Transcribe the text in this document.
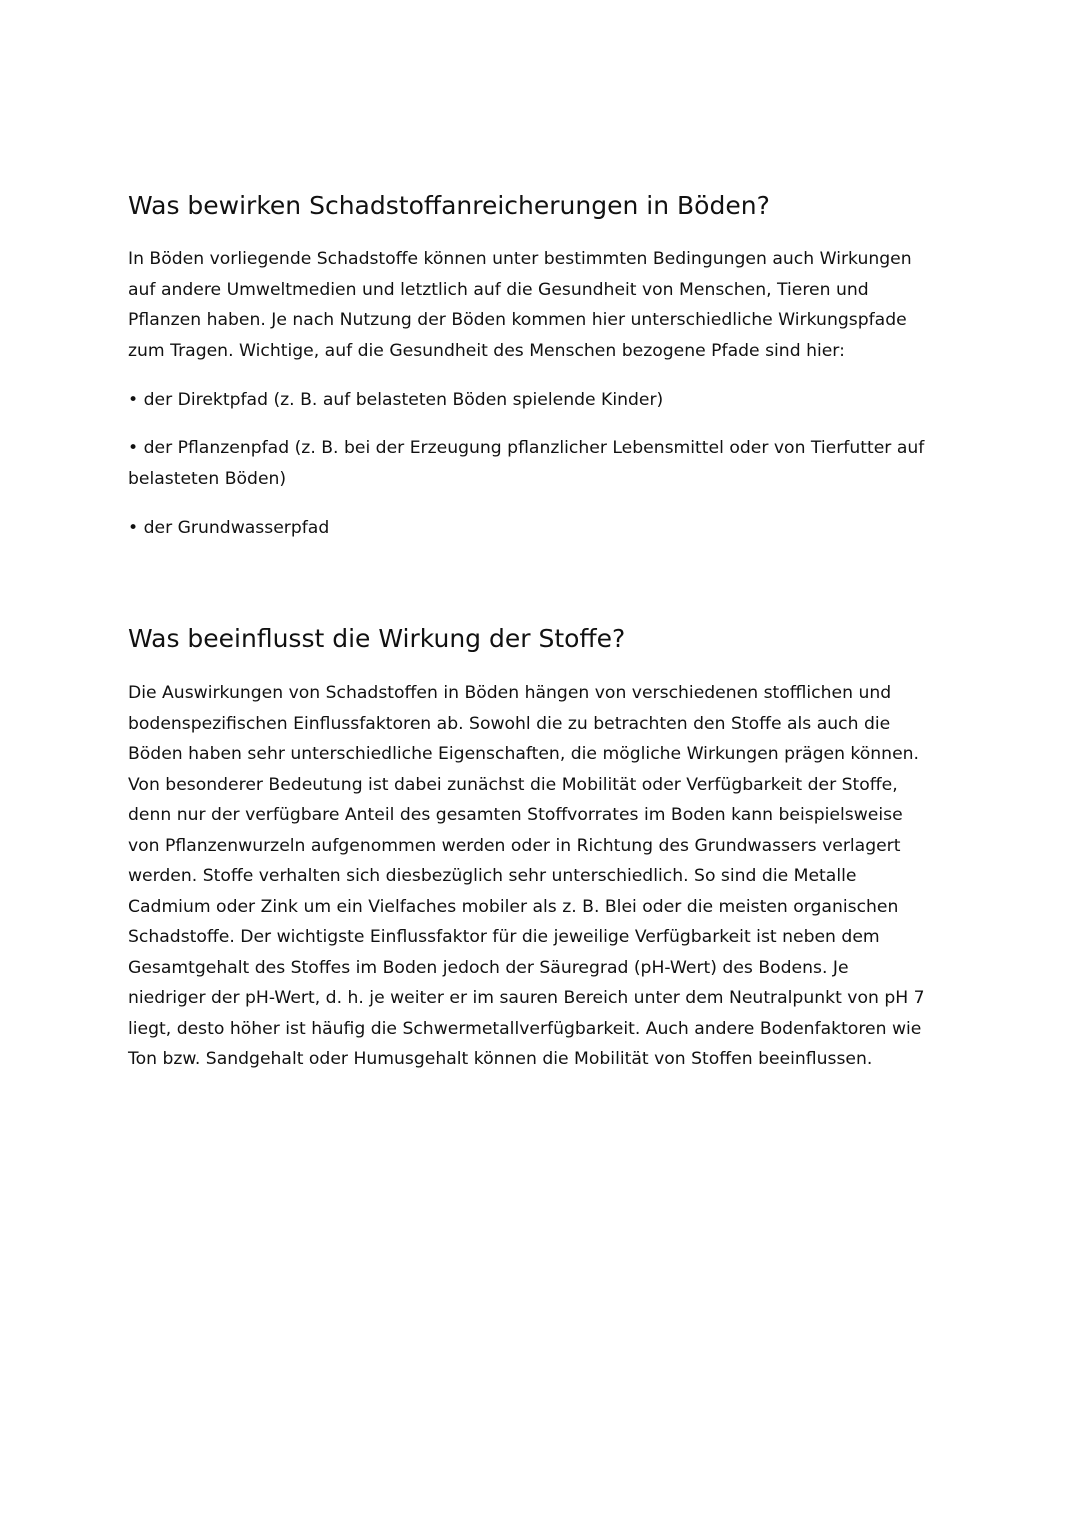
Was bewirken Schadstoffanreicherungen in Böden?

In Böden vorliegende Schadstoffe können unter bestimmten Bedingungen auch Wirkungen
auf andere Umweltmedien und letztlich auf die Gesundheit von Menschen, Tieren und
Pflanzen haben. Je nach Nutzung der Böden kommen hier unterschiedliche Wirkungspfade
zum Tragen. Wichtige, auf die Gesundheit des Menschen bezogene Pfade sind hier:

• der Direktpfad (z. B. auf belasteten Böden spielende Kinder)

• der Pflanzenpfad (z. B. bei der Erzeugung pflanzlicher Lebensmittel oder von Tierfutter auf
belasteten Böden)

• der Grundwasserpfad

Was beeinflusst die Wirkung der Stoffe?

Die Auswirkungen von Schadstoffen in Böden hängen von verschiedenen stofflichen und
bodenspezifischen Einflussfaktoren ab. Sowohl die zu betrachten den Stoffe als auch die
Böden haben sehr unterschiedliche Eigenschaften, die mögliche Wirkungen prägen können.
Von besonderer Bedeutung ist dabei zunächst die Mobilität oder Verfügbarkeit der Stoffe,
denn nur der verfügbare Anteil des gesamten Stoffvorrates im Boden kann beispielsweise
von Pflanzenwurzeln aufgenommen werden oder in Richtung des Grundwassers verlagert
werden. Stoffe verhalten sich diesbezüglich sehr unterschiedlich. So sind die Metalle
Cadmium oder Zink um ein Vielfaches mobiler als z. B. Blei oder die meisten organischen
Schadstoffe. Der wichtigste Einflussfaktor für die jeweilige Verfügbarkeit ist neben dem
Gesamtgehalt des Stoffes im Boden jedoch der Säuregrad (pH-Wert) des Bodens. Je
niedriger der pH-Wert, d. h. je weiter er im sauren Bereich unter dem Neutralpunkt von pH 7
liegt, desto höher ist häufig die Schwermetallverfügbarkeit. Auch andere Bodenfaktoren wie
Ton bzw. Sandgehalt oder Humusgehalt können die Mobilität von Stoffen beeinflussen.
